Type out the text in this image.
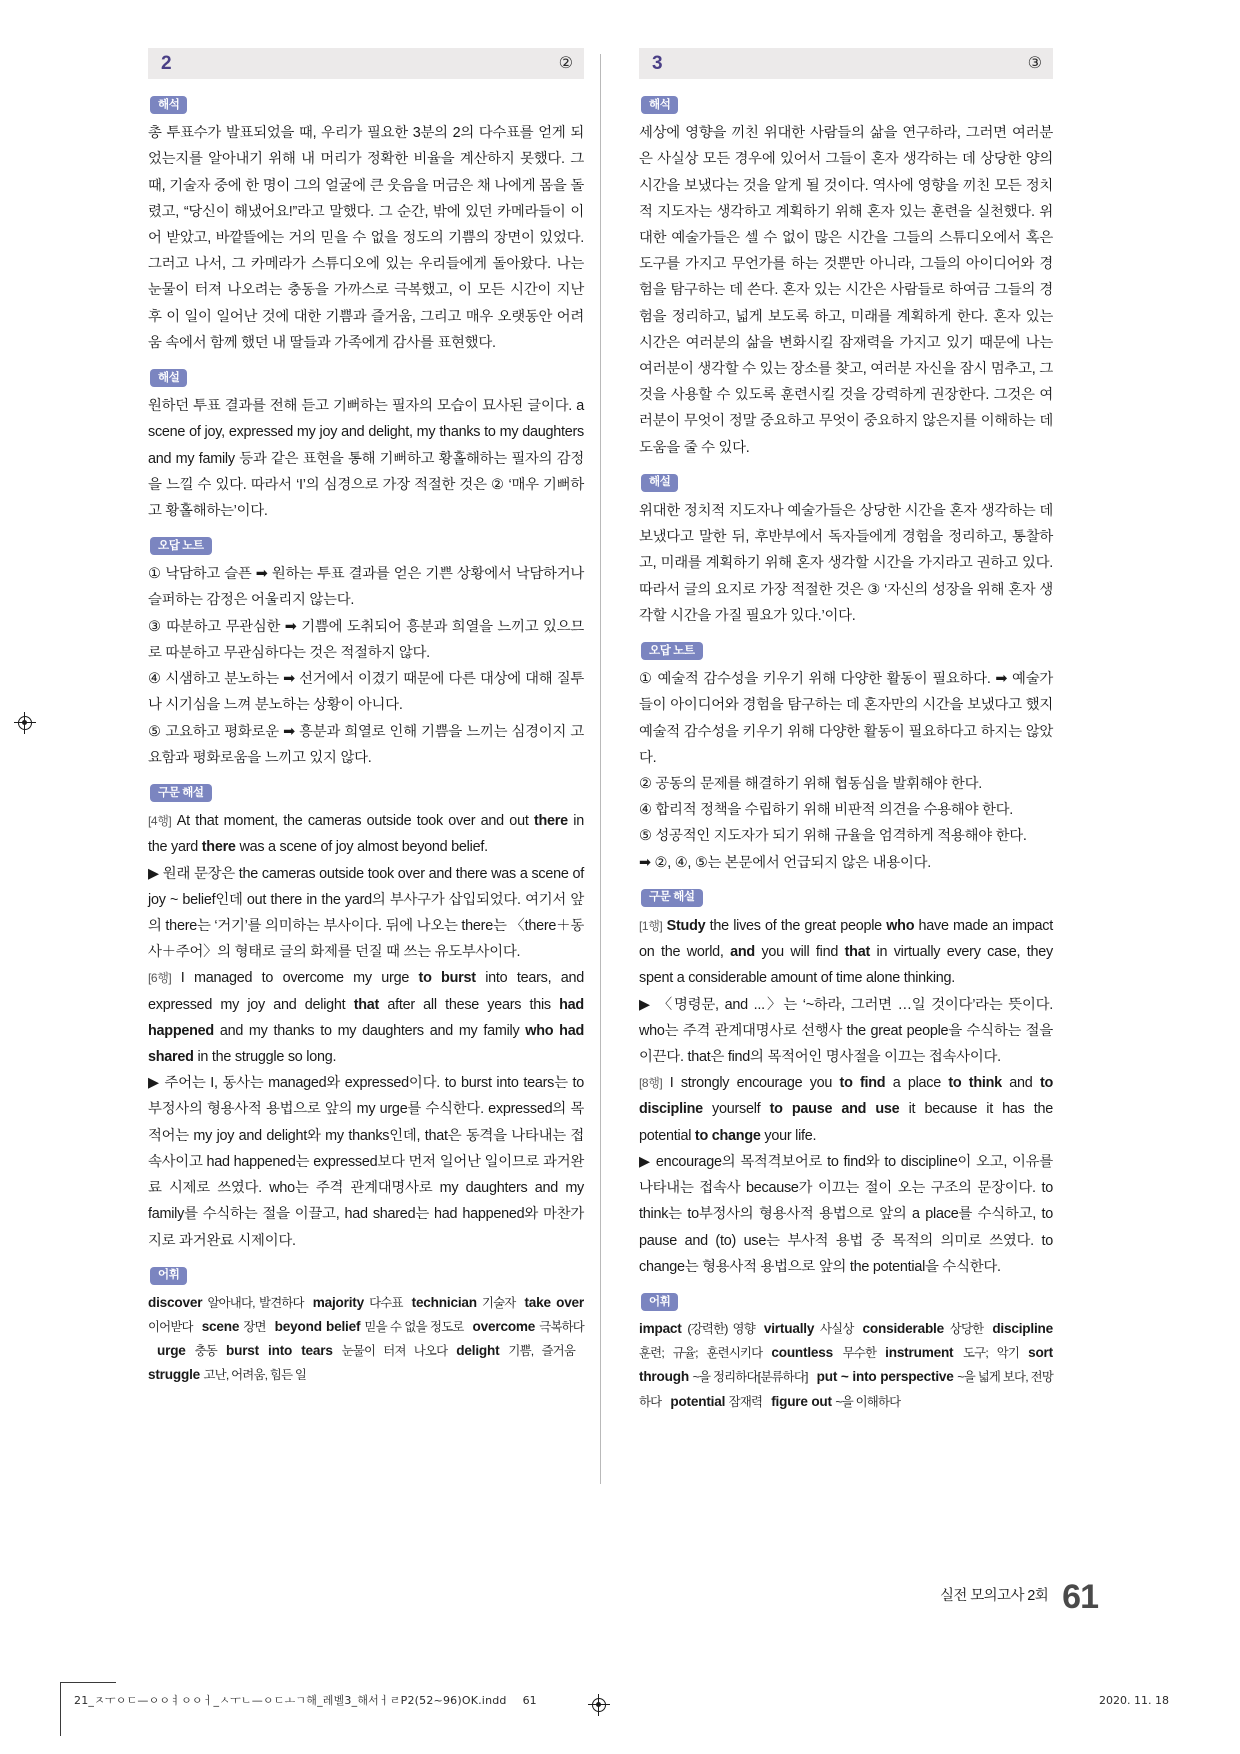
2	②
해석

총 투표수가 발표되었을 때, 우리가 필요한 3분의 2의 다수표를 얻게 되었는지를 알아내기 위해 내 머리가 정확한 비율을 계산하지 못했다. 그때, 기술자 중에 한 명이 그의 얼굴에 큰 웃음을 머금은 채 나에게 몸을 돌렸고, “당신이 해냈어요!”라고 말했다. 그 순간, 밖에 있던 카메라들이 이어 받았고, 바깥뜰에는 거의 믿을 수 없을 정도의 기쁨의 장면이 있었다. 그러고 나서, 그 카메라가 스튜디오에 있는 우리들에게 돌아왔다. 나는 눈물이 터져 나오려는 충동을 가까스로 극복했고, 이 모든 시간이 지난 후 이 일이 일어난 것에 대한 기쁨과 즐거움, 그리고 매우 오랫동안 어려움 속에서 함께 했던 내 딸들과 가족에게 감사를 표현했다.

해설

원하던 투표 결과를 전해 듣고 기뻐하는 필자의 모습이 묘사된 글이다. a scene of joy, expressed my joy and delight, my thanks to my daughters and my family 등과 같은 표현을 통해 기뻐하고 황홀해하는 필자의 감정을 느낄 수 있다. 따라서 ‘I’의 심경으로 가장 적절한 것은 ② ‘매우 기뻐하고 황홀해하는’이다.

오답 노트

① 낙담하고 슬픈 ➡ 원하는 투표 결과를 얻은 기쁜 상황에서 낙담하거나 슬퍼하는 감정은 어울리지 않는다.

③ 따분하고 무관심한 ➡ 기쁨에 도취되어 흥분과 희열을 느끼고 있으므로 따분하고 무관심하다는 것은 적절하지 않다.

④ 시샘하고 분노하는 ➡ 선거에서 이겼기 때문에 다른 대상에 대해 질투나 시기심을 느껴 분노하는 상황이 아니다.

⑤ 고요하고 평화로운 ➡ 흥분과 희열로 인해 기쁨을 느끼는 심경이지 고요함과 평화로움을 느끼고 있지 않다.

구문 해설

[4행] At that moment, the cameras outside took over and out there in the yard there was a scene of joy almost beyond belief.

▶ 원래 문장은 the cameras outside took over and there was a scene of joy ~ belief인데 out there in the yard의 부사구가 삽입되었다. 여기서 앞의 there는 ‘거기’를 의미하는 부사이다. 뒤에 나오는 there는 〈there＋동사＋주어〉의 형태로 글의 화제를 던질 때 쓰는 유도부사이다.

[6행] I managed to overcome my urge to burst into tears, and expressed my joy and delight that after all these years this had happened and my thanks to my daughters and my family who had shared in the struggle so long.

▶ 주어는 I, 동사는 managed와 expressed이다. to burst into tears는 to부정사의 형용사적 용법으로 앞의 my urge를 수식한다. expressed의 목적어는 my joy and delight와 my thanks인데, that은 동격을 나타내는 접속사이고 had happened는 expressed보다 먼저 일어난 일이므로 과거완료 시제로 쓰였다. who는 주격 관계대명사로 my daughters and my family를 수식하는 절을 이끌고, had shared는 had happened와 마찬가지로 과거완료 시제이다.

어휘
discover 알아내다, 발견하다 majority 다수표 technician 기술자 take over 이어받다 scene 장면 beyond belief 믿을 수 없을 정도로 overcome 극복하다urge 충동 burst into tears 눈물이 터져 나오다 delight 기쁨, 즐거움struggle 고난, 어려움, 힘든 일
3	③
해석

세상에 영향을 끼친 위대한 사람들의 삶을 연구하라, 그러면 여러분은 사실상 모든 경우에 있어서 그들이 혼자 생각하는 데 상당한 양의 시간을 보냈다는 것을 알게 될 것이다. 역사에 영향을 끼친 모든 정치적 지도자는 생각하고 계획하기 위해 혼자 있는 훈련을 실천했다. 위대한 예술가들은 셀 수 없이 많은 시간을 그들의 스튜디오에서 혹은 도구를 가지고 무언가를 하는 것뿐만 아니라, 그들의 아이디어와 경험을 탐구하는 데 쓴다. 혼자 있는 시간은 사람들로 하여금 그들의 경험을 정리하고, 넓게 보도록 하고, 미래를 계획하게 한다. 혼자 있는 시간은 여러분의 삶을 변화시킬 잠재력을 가지고 있기 때문에 나는 여러분이 생각할 수 있는 장소를 찾고, 여러분 자신을 잠시 멈추고, 그것을 사용할 수 있도록 훈련시킬 것을 강력하게 권장한다. 그것은 여러분이 무엇이 정말 중요하고 무엇이 중요하지 않은지를 이해하는 데 도움을 줄 수 있다.

해설

위대한 정치적 지도자나 예술가들은 상당한 시간을 혼자 생각하는 데 보냈다고 말한 뒤, 후반부에서 독자들에게 경험을 정리하고, 통찰하고, 미래를 계획하기 위해 혼자 생각할 시간을 가지라고 권하고 있다. 따라서 글의 요지로 가장 적절한 것은 ③ ‘자신의 성장을 위해 혼자 생각할 시간을 가질 필요가 있다.’이다.

오답 노트

① 예술적 감수성을 키우기 위해 다양한 활동이 필요하다. ➡ 예술가들이 아이디어와 경험을 탐구하는 데 혼자만의 시간을 보냈다고 했지 예술적 감수성을 키우기 위해 다양한 활동이 필요하다고 하지는 않았다.

② 공동의 문제를 해결하기 위해 협동심을 발휘해야 한다.

④ 합리적 정책을 수립하기 위해 비판적 의견을 수용해야 한다.

⑤ 성공적인 지도자가 되기 위해 규율을 엄격하게 적용해야 한다.

➡ ②, ④, ⑤는 본문에서 언급되지 않은 내용이다.

구문 해설

[1행] Study the lives of the great people who have made an impact on the world, and you will find that in virtually every case, they spent a considerable amount of time alone thinking.

▶ 〈명령문, and ...〉는 ‘~하라, 그러면 …일 것이다’라는 뜻이다. who는 주격 관계대명사로 선행사 the great people을 수식하는 절을 이끈다. that은 find의 목적어인 명사절을 이끄는 접속사이다.

[8행] I strongly encourage you to find a place to think and to discipline yourself to pause and use it because it has the potential to change your life.

▶ encourage의 목적격보어로 to find와 to discipline이 오고, 이유를 나타내는 접속사 because가 이끄는 절이 오는 구조의 문장이다. to think는 to부정사의 형용사적 용법으로 앞의 a place를 수식하고, to pause and (to) use는 부사적 용법 중 목적의 의미로 쓰였다. to change는 형용사적 용법으로 앞의 the potential을 수식한다.

어휘
impact (강력한) 영향 virtually 사실상 considerable 상당한 discipline 훈련; 규율; 훈련시키다 countless 무수한 instrument 도구; 악기 sort through ~을 정리하다[분류하다] put ~ into perspective ~을 넓게 보다, 전망하다 potential 잠재력 figure out ~을 이해하다
실전 모의고사 2회 61
21_ㅈㅜㅇㄷ—ㅇㅇㅕㅇㅇㅓ_ㅅㅜㄴ—ㅇㄷㅗㄱ해_레벨3_해서ㅓㄹP2(52~96)OK.indd 61	2020. 11. 18
